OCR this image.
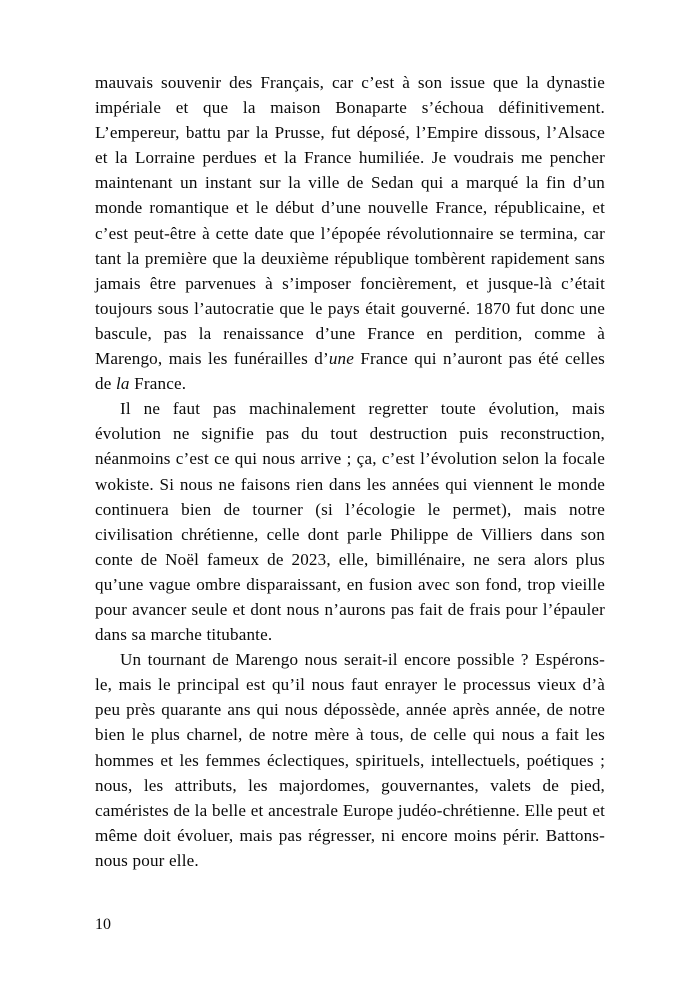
mauvais souvenir des Français, car c’est à son issue que la dynastie impériale et que la maison Bonaparte s’échoua définitivement. L’empereur, battu par la Prusse, fut déposé, l’Empire dissous, l’Alsace et la Lorraine perdues et la France humiliée. Je voudrais me pencher maintenant un instant sur la ville de Sedan qui a marqué la fin d’un monde romantique et le début d’une nouvelle France, républicaine, et c’est peut-être à cette date que l’épopée révolutionnaire se termina, car tant la première que la deuxième république tombèrent rapidement sans jamais être parvenues à s’imposer foncièrement, et jusque-là c’était toujours sous l’autocratie que le pays était gouverné. 1870 fut donc une bascule, pas la renaissance d’une France en perdition, comme à Marengo, mais les funérailles d’une France qui n’auront pas été celles de la France.

Il ne faut pas machinalement regretter toute évolution, mais évolution ne signifie pas du tout destruction puis reconstruction, néanmoins c’est ce qui nous arrive ; ça, c’est l’évolution selon la focale wokiste. Si nous ne faisons rien dans les années qui viennent le monde continuera bien de tourner (si l’écologie le permet), mais notre civilisation chrétienne, celle dont parle Philippe de Villiers dans son conte de Noël fameux de 2023, elle, bimillénaire, ne sera alors plus qu’une vague ombre disparaissant, en fusion avec son fond, trop vieille pour avancer seule et dont nous n’aurons pas fait de frais pour l’épauler dans sa marche titubante.

Un tournant de Marengo nous serait-il encore possible ? Espérons-le, mais le principal est qu’il nous faut enrayer le processus vieux d’à peu près quarante ans qui nous dépossède, année après année, de notre bien le plus charnel, de notre mère à tous, de celle qui nous a fait les hommes et les femmes éclectiques, spirituels, intellectuels, poétiques ; nous, les attributs, les majordomes, gouvernantes, valets de pied, caméristes de la belle et ancestrale Europe judéo-chrétienne. Elle peut et même doit évoluer, mais pas régresser, ni encore moins périr. Battons-nous pour elle.

10
